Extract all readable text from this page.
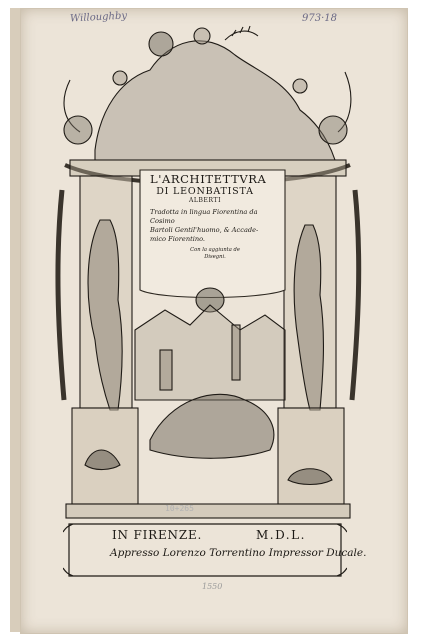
Willoughby	973·18
L'ARCHITETTVRA
DI LEONBATISTA
ALBERTI
Tradotta in lingua Fiorentina da Cosimo
Bartoli Gentil'huomo, & Accade-
mico Fiorentino.
Con la aggiunta de
Disegni.
10+265
IN FIRENZE.	M.D.L.
Appresso Lorenzo Torrentino Impressor Ducale.
1550
